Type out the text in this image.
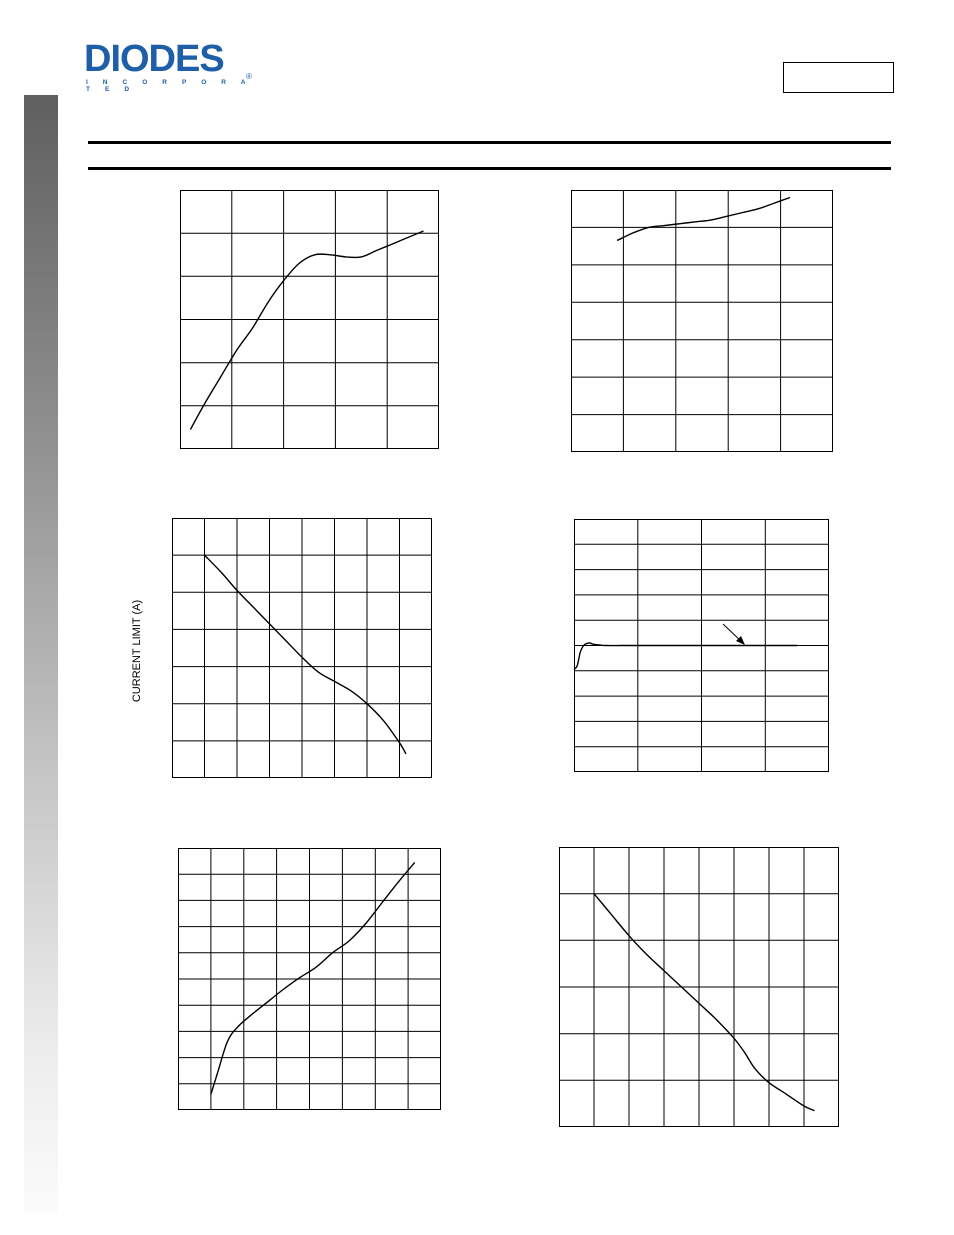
DIODES
I N C O R P O R A T E D
®
CURRENT LIMIT (A)
